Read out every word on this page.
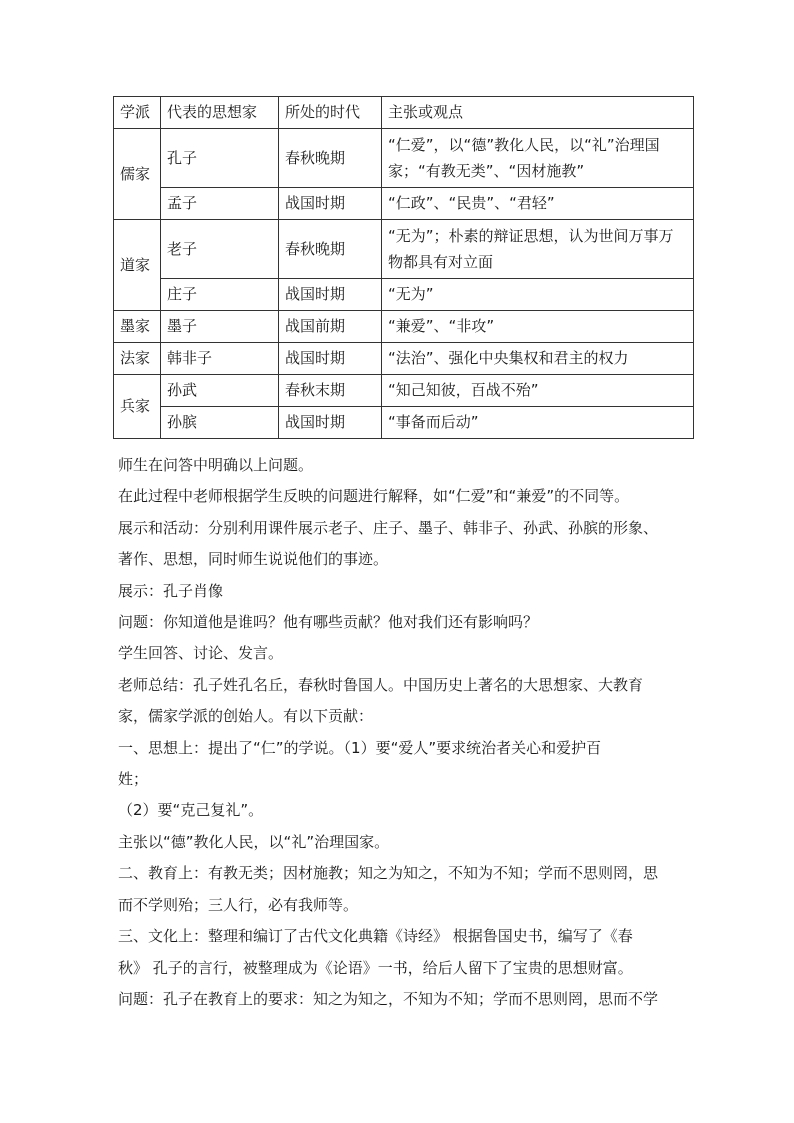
学派	代表的思想家	所处的时代	主张或观点
儒家	孔子	春秋晚期	“仁爱”，以“德”教化人民，以“礼”治理国家；“有教无类”、“因材施教”
	孟子	战国时期	“仁政”、“民贵”、“君轻”
道家	老子	春秋晚期	“无为”；朴素的辩证思想，认为世间万事万物都具有对立面
	庄子	战国时期	“无为”
墨家	墨子	战国前期	“兼爱”、“非攻”
法家	韩非子	战国时期	“法治”、强化中央集权和君主的权力
兵家	孙武	春秋末期	“知己知彼，百战不殆”
	孙膑	战国时期	“事备而后动”

师生在问答中明确以上问题。

在此过程中老师根据学生反映的问题进行解释，如“仁爱”和“兼爱”的不同等。

展示和活动：分别利用课件展示老子、庄子、墨子、韩非子、孙武、孙膑的形象、

著作、思想，同时师生说说他们的事迹。

展示：孔子肖像

问题：你知道他是谁吗？他有哪些贡献？他对我们还有影响吗？

学生回答、讨论、发言。

老师总结：孔子姓孔名丘，春秋时鲁国人。中国历史上著名的大思想家、大教育

家，儒家学派的创始人。有以下贡献：

一、思想上：提出了“仁”的学说。（1）要“爱人”要求统治者关心和爱护百

姓；

（2）要“克己复礼”。

主张以“德”教化人民，以“礼”治理国家。

二、教育上：有教无类；因材施教；知之为知之，不知为不知；学而不思则罔，思

而不学则殆；三人行，必有我师等。

三、文化上：整理和编订了古代文化典籍《诗经》 根据鲁国史书，编写了《春

秋》 孔子的言行，被整理成为《论语》一书，给后人留下了宝贵的思想财富。

问题：孔子在教育上的要求：知之为知之，不知为不知；学而不思则罔，思而不学
